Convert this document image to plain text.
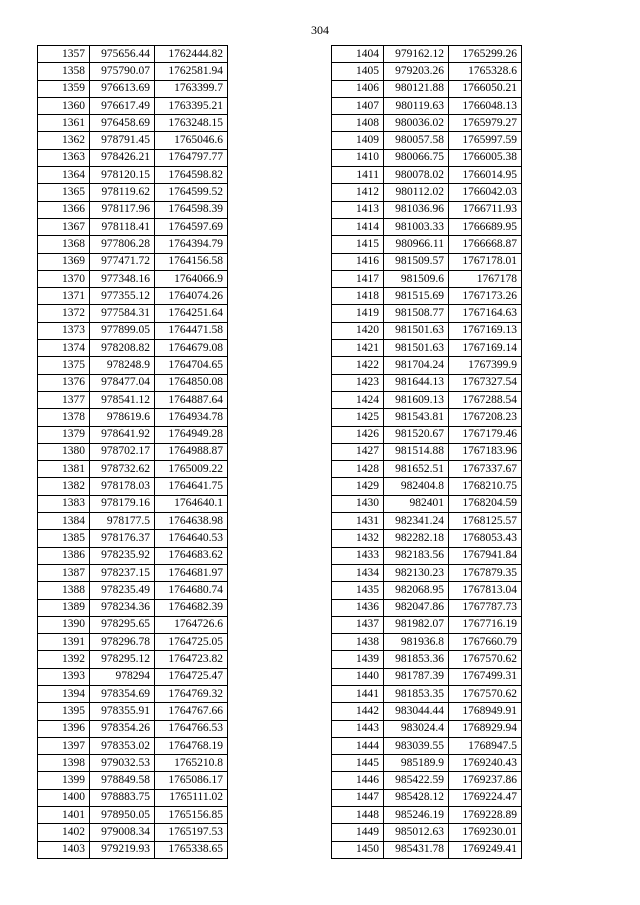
304
1357	975656.44	1762444.82
1358	975790.07	1762581.94
1359	976613.69	1763399.7
1360	976617.49	1763395.21
1361	976458.69	1763248.15
1362	978791.45	1765046.6
1363	978426.21	1764797.77
1364	978120.15	1764598.82
1365	978119.62	1764599.52
1366	978117.96	1764598.39
1367	978118.41	1764597.69
1368	977806.28	1764394.79
1369	977471.72	1764156.58
1370	977348.16	1764066.9
1371	977355.12	1764074.26
1372	977584.31	1764251.64
1373	977899.05	1764471.58
1374	978208.82	1764679.08
1375	978248.9	1764704.65
1376	978477.04	1764850.08
1377	978541.12	1764887.64
1378	978619.6	1764934.78
1379	978641.92	1764949.28
1380	978702.17	1764988.87
1381	978732.62	1765009.22
1382	978178.03	1764641.75
1383	978179.16	1764640.1
1384	978177.5	1764638.98
1385	978176.37	1764640.53
1386	978235.92	1764683.62
1387	978237.15	1764681.97
1388	978235.49	1764680.74
1389	978234.36	1764682.39
1390	978295.65	1764726.6
1391	978296.78	1764725.05
1392	978295.12	1764723.82
1393	978294	1764725.47
1394	978354.69	1764769.32
1395	978355.91	1764767.66
1396	978354.26	1764766.53
1397	978353.02	1764768.19
1398	979032.53	1765210.8
1399	978849.58	1765086.17
1400	978883.75	1765111.02
1401	978950.05	1765156.85
1402	979008.34	1765197.53
1403	979219.93	1765338.65
1404	979162.12	1765299.26
1405	979203.26	1765328.6
1406	980121.88	1766050.21
1407	980119.63	1766048.13
1408	980036.02	1765979.27
1409	980057.58	1765997.59
1410	980066.75	1766005.38
1411	980078.02	1766014.95
1412	980112.02	1766042.03
1413	981036.96	1766711.93
1414	981003.33	1766689.95
1415	980966.11	1766668.87
1416	981509.57	1767178.01
1417	981509.6	1767178
1418	981515.69	1767173.26
1419	981508.77	1767164.63
1420	981501.63	1767169.13
1421	981501.63	1767169.14
1422	981704.24	1767399.9
1423	981644.13	1767327.54
1424	981609.13	1767288.54
1425	981543.81	1767208.23
1426	981520.67	1767179.46
1427	981514.88	1767183.96
1428	981652.51	1767337.67
1429	982404.8	1768210.75
1430	982401	1768204.59
1431	982341.24	1768125.57
1432	982282.18	1768053.43
1433	982183.56	1767941.84
1434	982130.23	1767879.35
1435	982068.95	1767813.04
1436	982047.86	1767787.73
1437	981982.07	1767716.19
1438	981936.8	1767660.79
1439	981853.36	1767570.62
1440	981787.39	1767499.31
1441	981853.35	1767570.62
1442	983044.44	1768949.91
1443	983024.4	1768929.94
1444	983039.55	1768947.5
1445	985189.9	1769240.43
1446	985422.59	1769237.86
1447	985428.12	1769224.47
1448	985246.19	1769228.89
1449	985012.63	1769230.01
1450	985431.78	1769249.41
